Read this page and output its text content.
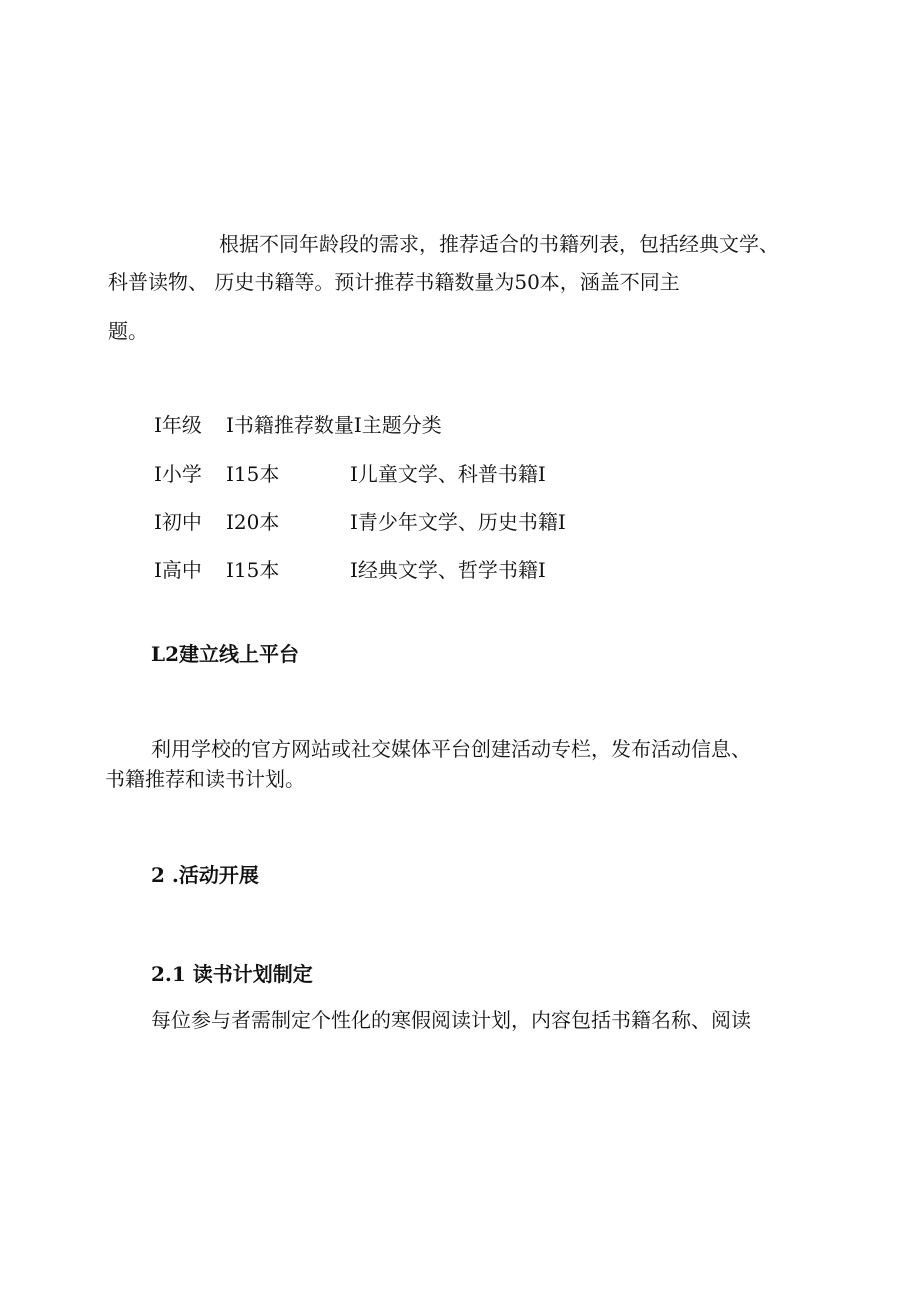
根据不同年龄段的需求，推荐适合的书籍列表，包括经典文学、
科普读物、 历史书籍等。预计推荐书籍数量为50本，涵盖不同主
题。
I年级 I书籍推荐数量I主题分类
I小学 I15本	I儿童文学、科普书籍I
I初中 I20本	I青少年文学、历史书籍I
I高中 I15本	I经典文学、哲学书籍I
L2建立线上平台
利用学校的官方网站或社交媒体平台创建活动专栏，发布活动信息、
书籍推荐和读书计划。
2 .活动开展
2.1 读书计划制定
每位参与者需制定个性化的寒假阅读计划，内容包括书籍名称、阅读
